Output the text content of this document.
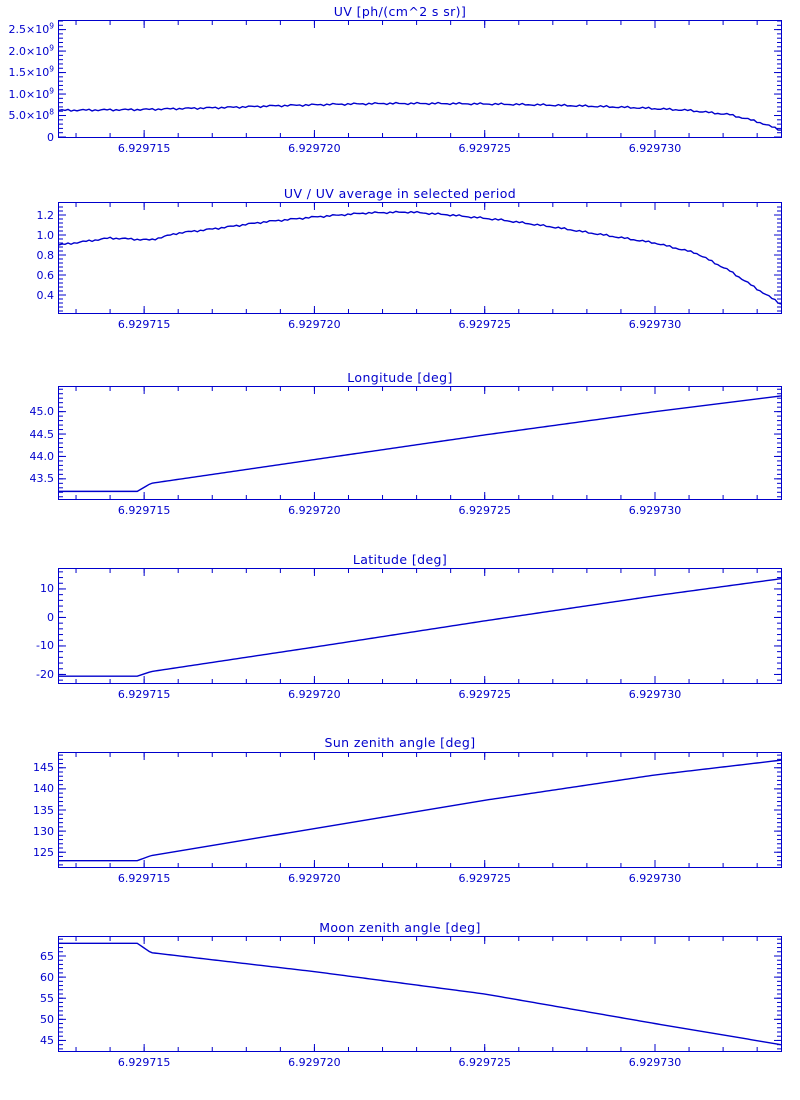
UV [ph/(cm^2 s sr)]
0
$5.0\times 10^8$
$1.0\times 10^9$
$1.5\times 10^9$
$2.0\times 10^9$
$2.5\times 10^9$
6.929715	6.929720	6.929725	6.929730
UV / UV average in selected period
0.4
0.6
0.8
1.0
1.2
6.929715	6.929720	6.929725	6.929730
Longitude [deg]
43.5
44.0
44.5
45.0
6.929715	6.929720	6.929725	6.929730
Latitude [deg]
-20
-10
0
10
6.929715	6.929720	6.929725	6.929730
Sun zenith angle [deg]
125
130
135
140
145
6.929715	6.929720	6.929725	6.929730
Moon zenith angle [deg]
45
50
55
60
65
6.929715	6.929720	6.929725	6.929730
